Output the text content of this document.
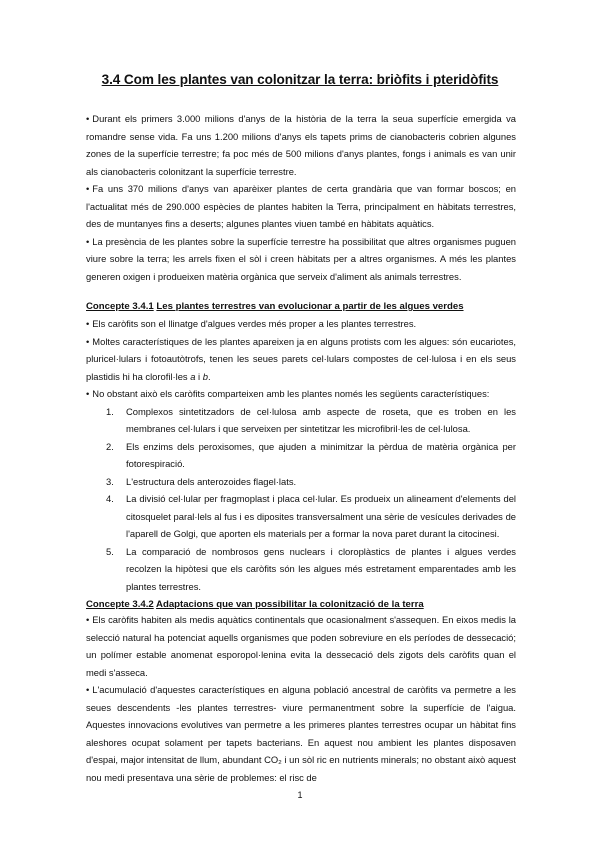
3.4 Com les plantes van colonitzar la terra: briòfits i pteridòfits

• Durant els primers 3.000 milions d'anys de la història de la terra la seua superfície emergida va romandre sense vida. Fa uns 1.200 milions d'anys els tapets prims de cianobacteris cobrien algunes zones de la superfície terrestre; fa poc més de 500 milions d'anys plantes, fongs i animals es van unir als cianobacteris colonitzant la superfície terrestre.

• Fa uns 370 milions d'anys van aparèixer plantes de certa grandària que van formar boscos; en l'actualitat més de 290.000 espècies de plantes habiten la Terra, principalment en hàbitats terrestres, des de muntanyes fins a deserts; algunes plantes viuen també en hàbitats aquàtics.

• La presència de les plantes sobre la superfície terrestre ha possibilitat que altres organismes puguen viure sobre la terra; les arrels fixen el sòl i creen hàbitats per a altres organismes. A més les plantes generen oxigen i produeixen matèria orgànica que serveix d'aliment als animals terrestres.

Concepte 3.4.1 Les plantes terrestres van evolucionar a partir de les algues verdes

• Els caròfits son el llinatge d'algues verdes més proper a les plantes terrestres.

• Moltes característiques de les plantes apareixen ja en alguns protists com les algues: són eucariotes, pluricel·lulars i fotoautòtrofs, tenen les seues parets cel·lulars compostes de cel·lulosa i en els seus plastidis hi ha clorofil·les a i b.

• No obstant això els caròfits comparteixen amb les plantes només les següents característiques:

1. Complexos sintetitzadors de cel·lulosa amb aspecte de roseta, que es troben en les membranes cel·lulars i que serveixen per sintetitzar les microfibril·les de cel·lulosa.

2. Els enzims dels peroxisomes, que ajuden a minimitzar la pèrdua de matèria orgànica per fotorespiració.

3. L'estructura dels anterozoides flagel·lats.

4. La divisió cel·lular per fragmoplast i placa cel·lular. Es produeix un alineament d'elements del citosquelet paral·lels al fus i es diposites transversalment una sèrie de vesícules derivades de l'aparell de Golgi, que aporten els materials per a formar la nova paret durant la citocinesi.

5. La comparació de nombrosos gens nuclears i cloroplàstics de plantes i algues verdes recolzen la hipòtesi que els caròfits són les algues més estretament emparentades amb les plantes terrestres.

Concepte 3.4.2 Adaptacions que van possibilitar la colonització de la terra

• Els caròfits habiten als medis aquàtics continentals que ocasionalment s'assequen. En eixos medis la selecció natural ha potenciat aquells organismes que poden sobreviure en els períodes de dessecació; un polímer estable anomenat esporopol·lenina evita la dessecació dels zigots dels caròfits quan el medi s'asseca.

• L'acumulació d'aquestes característiques en alguna població ancestral de caròfits va permetre a les seues descendents -les plantes terrestres- viure permanentment sobre la superfície de l'aigua. Aquestes innovacions evolutives van permetre a les primeres plantes terrestres ocupar un hàbitat fins aleshores ocupat solament per tapets bacterians. En aquest nou ambient les plantes disposaven d'espai, major intensitat de llum, abundant CO₂ i un sòl ric en nutrients minerals; no obstant això aquest nou medi presentava una sèrie de problemes: el risc de

1
